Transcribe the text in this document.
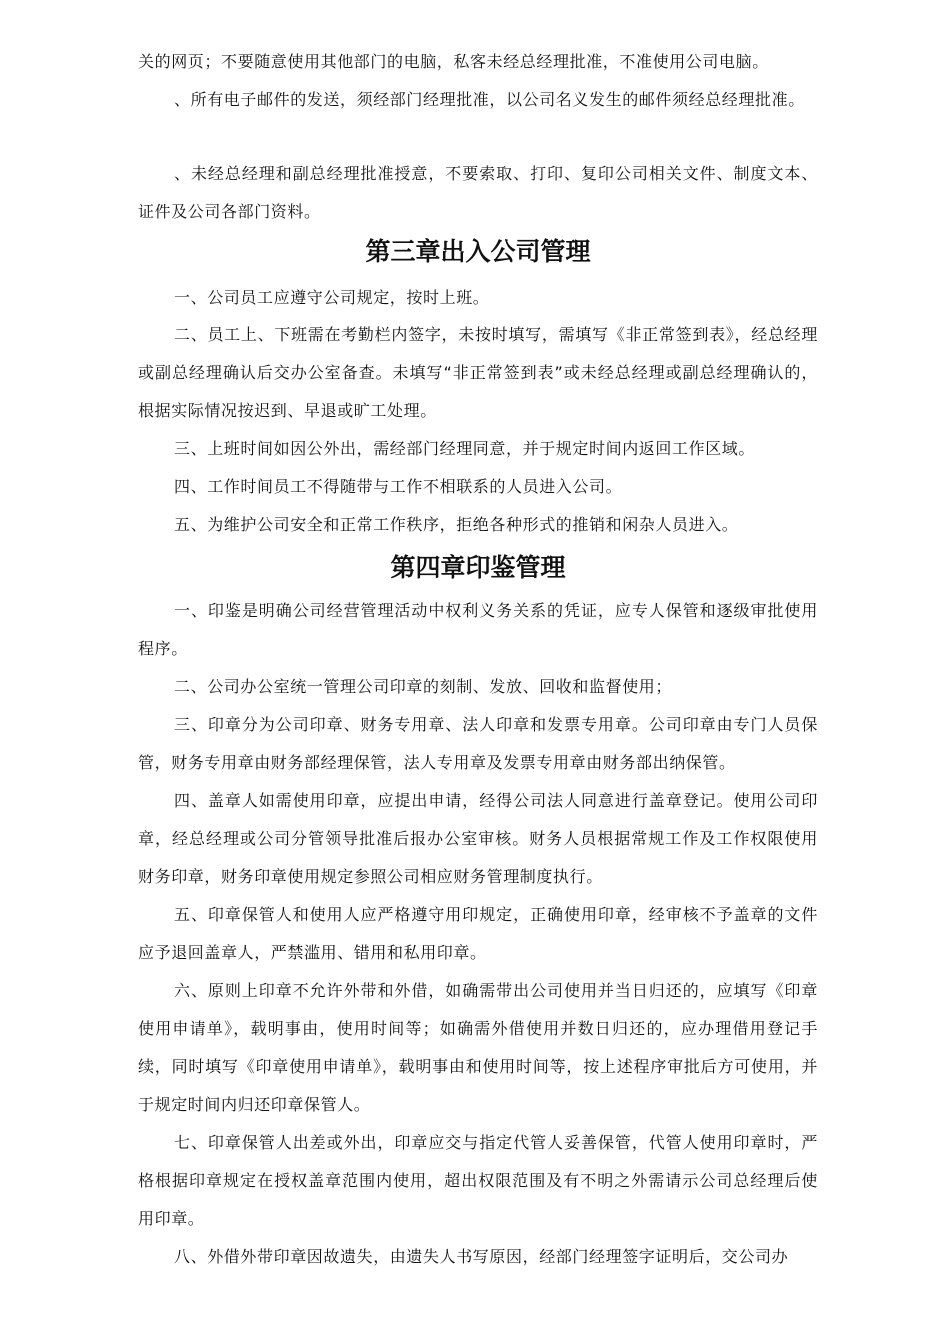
关的网页；不要随意使用其他部门的电脑，私客未经总经理批准，不准使用公司电脑。

、所有电子邮件的发送，须经部门经理批准，以公司名义发生的邮件须经总经理批准。

、未经总经理和副总经理批准授意，不要索取、打印、复印公司相关文件、制度文本、证件及公司各部门资料。

第三章出入公司管理

一、公司员工应遵守公司规定，按时上班。

二、员工上、下班需在考勤栏内签字，未按时填写，需填写《非正常签到表》，经总经理或副总经理确认后交办公室备查。未填写“非正常签到表”或未经总经理或副总经理确认的，根据实际情况按迟到、早退或旷工处理。

三、上班时间如因公外出，需经部门经理同意，并于规定时间内返回工作区域。

四、工作时间员工不得随带与工作不相联系的人员进入公司。

五、为维护公司安全和正常工作秩序，拒绝各种形式的推销和闲杂人员进入。

第四章印鉴管理

一、印鉴是明确公司经营管理活动中权利义务关系的凭证，应专人保管和逐级审批使用程序。

二、公司办公室统一管理公司印章的刻制、发放、回收和监督使用；

三、印章分为公司印章、财务专用章、法人印章和发票专用章。公司印章由专门人员保管，财务专用章由财务部经理保管，法人专用章及发票专用章由财务部出纳保管。

四、盖章人如需使用印章，应提出申请，经得公司法人同意进行盖章登记。使用公司印章，经总经理或公司分管领导批准后报办公室审核。财务人员根据常规工作及工作权限使用财务印章，财务印章使用规定参照公司相应财务管理制度执行。

五、印章保管人和使用人应严格遵守用印规定，正确使用印章，经审核不予盖章的文件应予退回盖章人，严禁滥用、错用和私用印章。

六、原则上印章不允许外带和外借，如确需带出公司使用并当日归还的，应填写《印章使用申请单》，载明事由，使用时间等；如确需外借使用并数日归还的，应办理借用登记手续，同时填写《印章使用申请单》，载明事由和使用时间等，按上述程序审批后方可使用，并于规定时间内归还印章保管人。

七、印章保管人出差或外出，印章应交与指定代管人妥善保管，代管人使用印章时，严格根据印章规定在授权盖章范围内使用，超出权限范围及有不明之外需请示公司总经理后使用印章。

八、外借外带印章因故遗失，由遗失人书写原因，经部门经理签字证明后，交公司办
